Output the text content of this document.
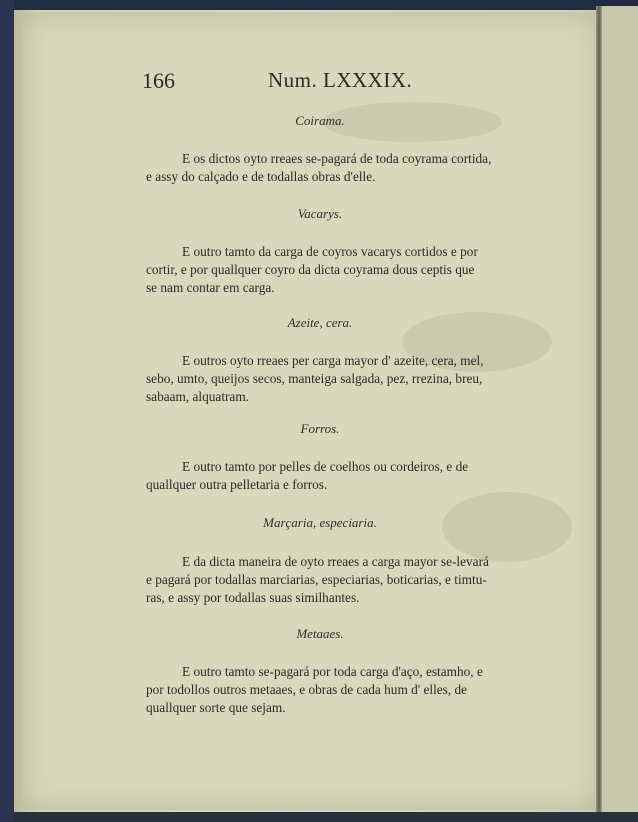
166	Num. LXXXIX.
Coirama.
E os dictos oyto rreaes se-pagará de toda coyrama cortida,
e assy do calçado e de todallas obras d'elle.
Vacarys.
E outro tamto da carga de coyros vacarys cortidos e por
cortir, e por quallquer coyro da dicta coyrama dous ceptis que
se nam contar em carga.
Azeite, cera.
E outros oyto rreaes per carga mayor d' azeite, cera, mel,
sebo, umto, queijos secos, manteiga salgada, pez, rrezina, breu,
sabaam, alquatram.
Forros.
E outro tamto por pelles de coelhos ou cordeiros, e de
quallquer outra pelletaria e forros.
Marçaria, especiaria.
E da dicta maneira de oyto rreaes a carga mayor se-levará
e pagará por todallas marciarias, especiarias, boticarias, e timtu-
ras, e assy por todallas suas similhantes.
Metaaes.
E outro tamto se-pagará por toda carga d'aço, estamho, e
por todollos outros metaaes, e obras de cada hum d' elles, de
quallquer sorte que sejam.
